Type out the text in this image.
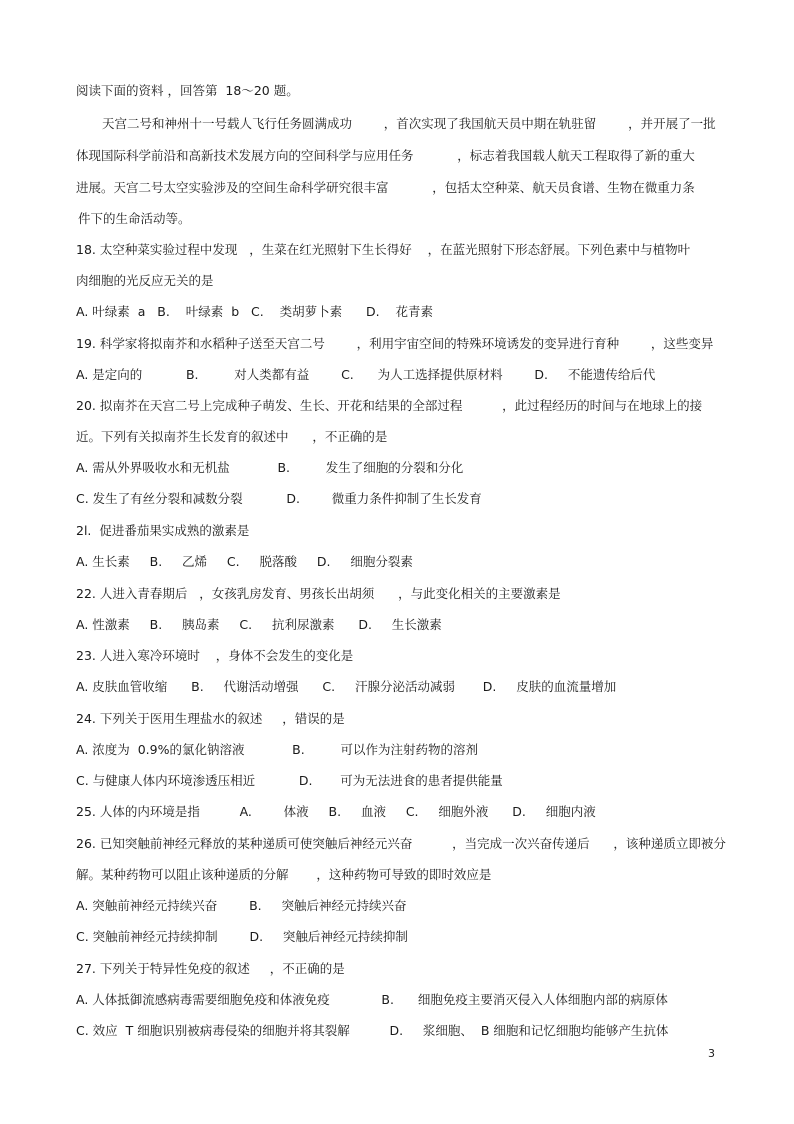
阅读下面的资料 ，回答第  18～20 题。
天宫二号和神州十一号载人飞行任务圆满成功        ，首次实现了我国航天员中期在轨驻留        ，并开展了一批
体现国际科学前沿和高新技术发展方向的空间科学与应用任务           ，标志着我国载人航天工程取得了新的重大
进展。天宫二号太空实验涉及的空间生命科学研究很丰富           ，包括太空种菜、航天员食谱、生物在微重力条
件下的生命活动等。
18. 太空种菜实验过程中发现   ，生菜在红光照射下生长得好    ，在蓝光照射下形态舒展。下列色素中与植物叶
肉细胞的光反应无关的是
A. 叶绿素  a   B.    叶绿素  b   C.    类胡萝卜素      D.    花青素
19. 科学家将拟南芥和水稻种子送至天宫二号        ，利用宇宙空间的特殊环境诱发的变异进行育种        ，这些变异
A. 是定向的           B.         对人类都有益        C.      为人工选择提供原材料        D.     不能遗传给后代
20. 拟南芥在天宫二号上完成种子萌发、生长、开花和结果的全部过程          ，此过程经历的时间与在地球上的接
近。下列有关拟南芥生长发育的叙述中      ，不正确的是
A. 需从外界吸收水和无机盐            B.         发生了细胞的分裂和分化
C. 发生了有丝分裂和减数分裂           D.        微重力条件抑制了生长发育
2l.  促进番茄果实成熟的激素是
A. 生长素     B.     乙烯     C.     脱落酸     D.     细胞分裂素
22. 人进入青春期后   ，女孩乳房发育、男孩长出胡须      ，与此变化相关的主要激素是
A. 性激素     B.     胰岛素     C.     抗利尿激素      D.     生长激素
23. 人进入寒冷环境时    ，身体不会发生的变化是
A. 皮肤血管收缩      B.     代谢活动增强      C.     汗腺分泌活动减弱       D.     皮肤的血流量增加
24. 下列关于医用生理盐水的叙述     ，错误的是
A. 浓度为  0.9%的氯化钠溶液            B.         可以作为注射药物的溶剂
C. 与健康人体内环境渗透压相近           D.       可为无法进食的患者提供能量
25. 人体的内环境是指          A.        体液     B.     血液     C.     细胞外液      D.     细胞内液
26. 已知突触前神经元释放的某种递质可使突触后神经元兴奋          ，当完成一次兴奋传递后      ，该种递质立即被分
解。某种药物可以阻止该种递质的分解       ，这种药物可导致的即时效应是
A. 突触前神经元持续兴奋        B.     突触后神经元持续兴奋
C. 突触前神经元持续抑制        D.     突触后神经元持续抑制
27. 下列关于特异性免疫的叙述     ，不正确的是
A. 人体抵御流感病毒需要细胞免疫和体液免疫             B.      细胞免疫主要消灭侵入人体细胞内部的病原体
C. 效应  T 细胞识别被病毒侵染的细胞并将其裂解          D.     浆细胞、  B 细胞和记忆细胞均能够产生抗体
3
